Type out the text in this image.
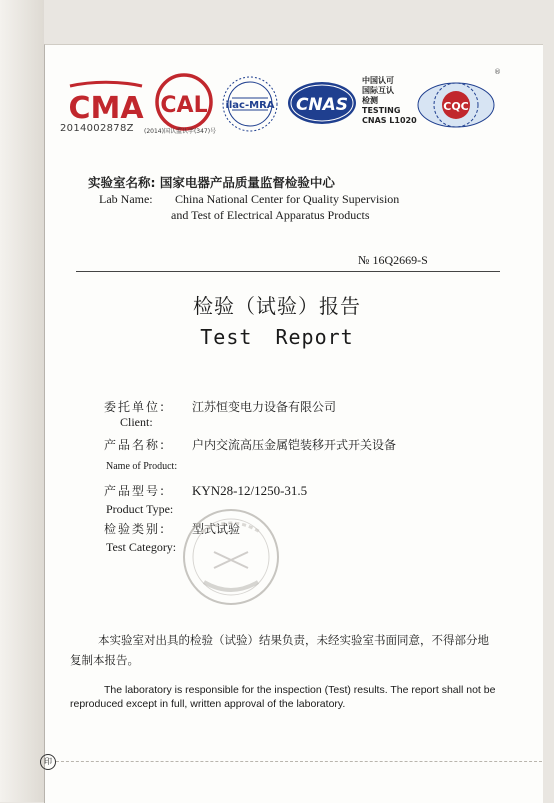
CMA CAL ilac-MRA CNAS
中国认可
国际互认
检测
TESTING
CNAS L1020
CQC
®
2014002878Z (2014)国认监认字(347)号
实验室名称: 国家电器产品质量监督检验中心
Lab Name: China National Center for Quality Supervision
and Test of Electrical Apparatus Products
№ 16Q2669-S
检验（试验）报告
Test Report
委托单位: 江苏恒变电力设备有限公司
Client:
产品名称: 户内交流高压金属铠装移开式开关设备
Name of Product:
产品型号: KYN28-12/1250-31.5
Product Type:
检验类别: 型式试验
Test Category:
本实验室对出具的检验（试验）结果负责，未经实验室书面同意，不得部分地复制本报告。
The laboratory is responsible for the inspection (Test) results. The report shall not be reproduced except in full, written approval of the laboratory.
印
